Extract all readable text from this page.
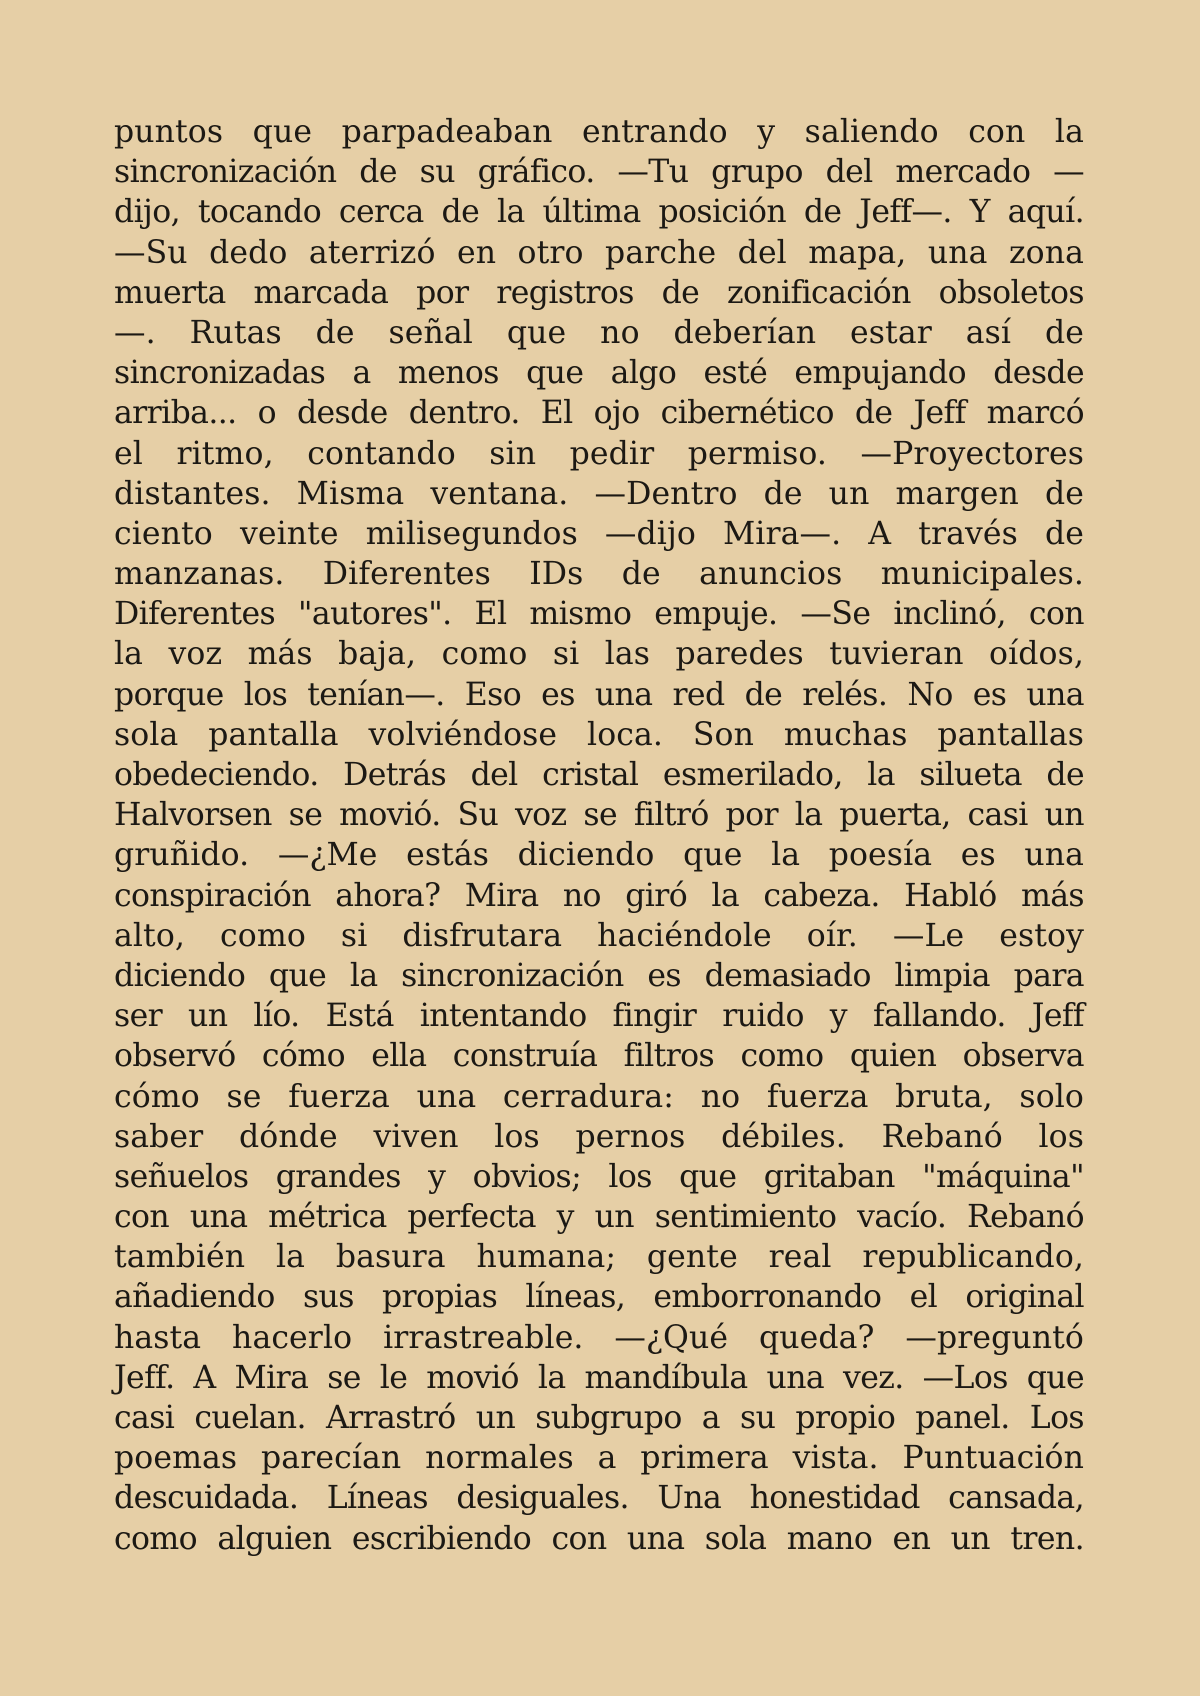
puntos que parpadeaban entrando y saliendo con la
sincronización de su gráfico. —Tu grupo del mercado —
dijo, tocando cerca de la última posición de Jeff—. Y aquí.
—Su dedo aterrizó en otro parche del mapa, una zona
muerta marcada por registros de zonificación obsoletos
—. Rutas de señal que no deberían estar así de
sincronizadas a menos que algo esté empujando desde
arriba... o desde dentro. El ojo cibernético de Jeff marcó
el ritmo, contando sin pedir permiso. —Proyectores
distantes. Misma ventana. —Dentro de un margen de
ciento veinte milisegundos —dijo Mira—. A través de
manzanas. Diferentes IDs de anuncios municipales.
Diferentes "autores". El mismo empuje. —Se inclinó, con
la voz más baja, como si las paredes tuvieran oídos,
porque los tenían—. Eso es una red de relés. No es una
sola pantalla volviéndose loca. Son muchas pantallas
obedeciendo. Detrás del cristal esmerilado, la silueta de
Halvorsen se movió. Su voz se filtró por la puerta, casi un
gruñido. —¿Me estás diciendo que la poesía es una
conspiración ahora? Mira no giró la cabeza. Habló más
alto, como si disfrutara haciéndole oír. —Le estoy
diciendo que la sincronización es demasiado limpia para
ser un lío. Está intentando fingir ruido y fallando. Jeff
observó cómo ella construía filtros como quien observa
cómo se fuerza una cerradura: no fuerza bruta, solo
saber dónde viven los pernos débiles. Rebanó los
señuelos grandes y obvios; los que gritaban "máquina"
con una métrica perfecta y un sentimiento vacío. Rebanó
también la basura humana; gente real republicando,
añadiendo sus propias líneas, emborronando el original
hasta hacerlo irrastreable. —¿Qué queda? —preguntó
Jeff. A Mira se le movió la mandíbula una vez. —Los que
casi cuelan. Arrastró un subgrupo a su propio panel. Los
poemas parecían normales a primera vista. Puntuación
descuidada. Líneas desiguales. Una honestidad cansada,
como alguien escribiendo con una sola mano en un tren.
